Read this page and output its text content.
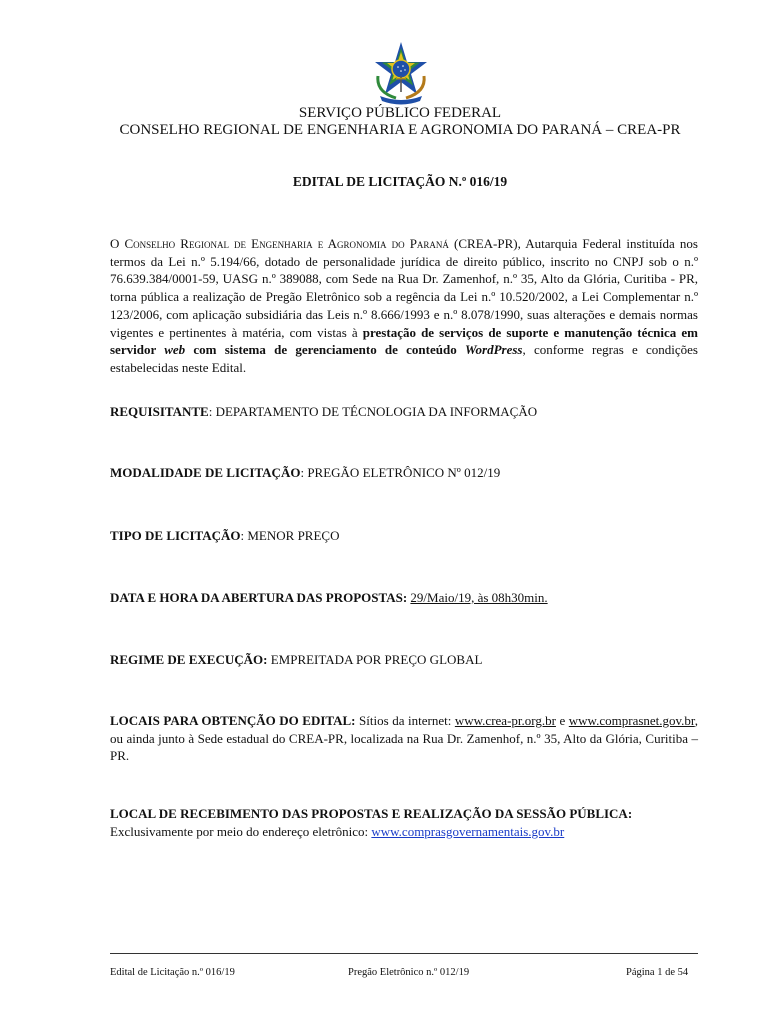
SERVIÇO PÚBLICO FEDERAL
CONSELHO REGIONAL DE ENGENHARIA E AGRONOMIA DO PARANÁ – CREA-PR
EDITAL DE LICITAÇÃO N.º 016/19
O Conselho Regional de Engenharia e Agronomia do Paraná (CREA-PR), Autarquia Federal instituída nos termos da Lei n.º 5.194/66, dotado de personalidade jurídica de direito público, inscrito no CNPJ sob o n.º 76.639.384/0001-59, UASG n.º 389088, com Sede na Rua Dr. Zamenhof, n.º 35, Alto da Glória, Curitiba - PR, torna pública a realização de Pregão Eletrônico sob a regência da Lei n.º 10.520/2002, a Lei Complementar n.º 123/2006, com aplicação subsidiária das Leis n.º 8.666/1993 e n.º 8.078/1990, suas alterações e demais normas vigentes e pertinentes à matéria, com vistas à prestação de serviços de suporte e manutenção técnica em servidor web com sistema de gerenciamento de conteúdo WordPress, conforme regras e condições estabelecidas neste Edital.
REQUISITANTE: DEPARTAMENTO DE TÉCNOLOGIA DA INFORMAÇÃO
MODALIDADE DE LICITAÇÃO: PREGÃO ELETRÔNICO Nº 012/19
TIPO DE LICITAÇÃO: MENOR PREÇO
DATA E HORA DA ABERTURA DAS PROPOSTAS: 29/Maio/19, às 08h30min.
REGIME DE EXECUÇÃO: EMPREITADA POR PREÇO GLOBAL
LOCAIS PARA OBTENÇÃO DO EDITAL: Sítios da internet: www.crea-pr.org.br e www.comprasnet.gov.br, ou ainda junto à Sede estadual do CREA-PR, localizada na Rua Dr. Zamenhof, n.º 35, Alto da Glória, Curitiba – PR.
LOCAL DE RECEBIMENTO DAS PROPOSTAS E REALIZAÇÃO DA SESSÃO PÚBLICA:
Exclusivamente por meio do endereço eletrônico: www.comprasgovernamentais.gov.br
Edital de Licitação n.º 016/19	Pregão Eletrônico n.º 012/19	Página 1 de 54
